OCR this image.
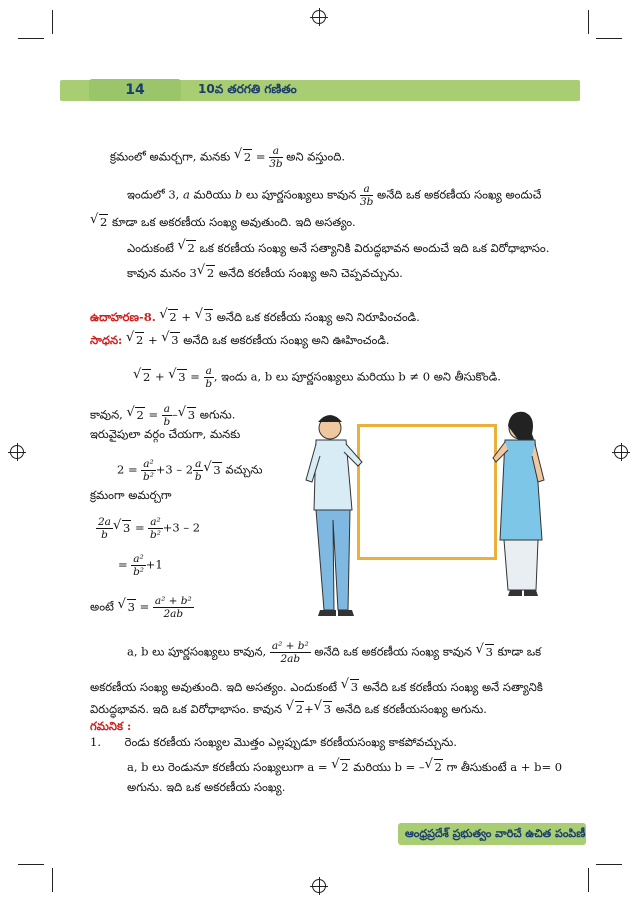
14	10వ తరగతి గణితం
క్రమంలో అమర్చగా, మనకు √ $2 = \frac{a}{3b}$ అని వస్తుంది.
ఇందులో 3, a మరియు b లు పూర్ణసంఖ్యలు కావున $\frac{a}{3b}$ అనేది ఒక అకరణీయ సంఖ్య అందుచే
√ 2 కూడా ఒక అకరణీయ సంఖ్య అవుతుంది. ఇది అసత్యం.
ఎందుకంటే √ 2 ఒక కరణీయ సంఖ్య అనే సత్యానికి విరుద్ధభావన అందుచే ఇది ఒక విరోధాభాసం.
కావున మనం 3 √ 2 అనేది కరణీయ సంఖ్య అని చెప్పవచ్చును.
ఉదాహరణ-8. √ 2 + √ 3 అనేది ఒక కరణీయ సంఖ్య అని నిరూపించండి.
సాధన: √ 2 + √ 3 అనేది ఒక అకరణీయ సంఖ్య అని ఊహించండి.
√ 2 + √ $3 = \frac{a}{b}$ , ఇందు a, b లు పూర్ణసంఖ్యలు మరియు b ≠ 0 అని తీసుకొండి.
కావున, √ $2 = \frac{a}{b}$ – √ 3 అగును.
ఇరువైపులా వర్గం చేయగా, మనకు
$2 = \frac{\text{a²}}{\text{b²}} +3 - 2 \frac{a}{b}$ √ 3 వచ్చును
క్రమంగా అమర్చగా
$\frac{2a}{b}$ √ $3 = \frac{\text{a²}}{\text{b²}} +3 - 2$
= $\frac{\text{a²}}{\text{b²}} +1$
అంటే √ $3 = \frac{\text{a² + b²}}{2ab}$
a, b లు పూర్ణసంఖ్యలు కావున, $\frac{\text{a² + b²}}{2ab}$ అనేది ఒక అకరణీయ సంఖ్య కావున √ 3 కూడా ఒక
అకరణీయ సంఖ్య అవుతుంది. ఇది అసత్యం. ఎందుకంటే √ 3 అనేది ఒక కరణీయ సంఖ్య అనే సత్యానికి
విరుద్ధభావన. ఇది ఒక విరోధాభాసం. కావున √ 2+ √ 3 అనేది ఒక కరణీయసంఖ్య అగును.
గమనిక :
1. రెండు కరణీయ సంఖ్యల మొత్తం ఎల్లప్పుడూ కరణీయసంఖ్య కాకపోవచ్చును.
a, b లు రెండునూ కరణీయ సంఖ్యలుగా a = √ 2 మరియు b = – √ 2 గా తీసుకుంటే a + b= 0
అగును. ఇది ఒక అకరణీయ సంఖ్య.
ఆంధ్రప్రదేశ్ ప్రభుత్వం వారిచే ఉచిత పంపిణీ
